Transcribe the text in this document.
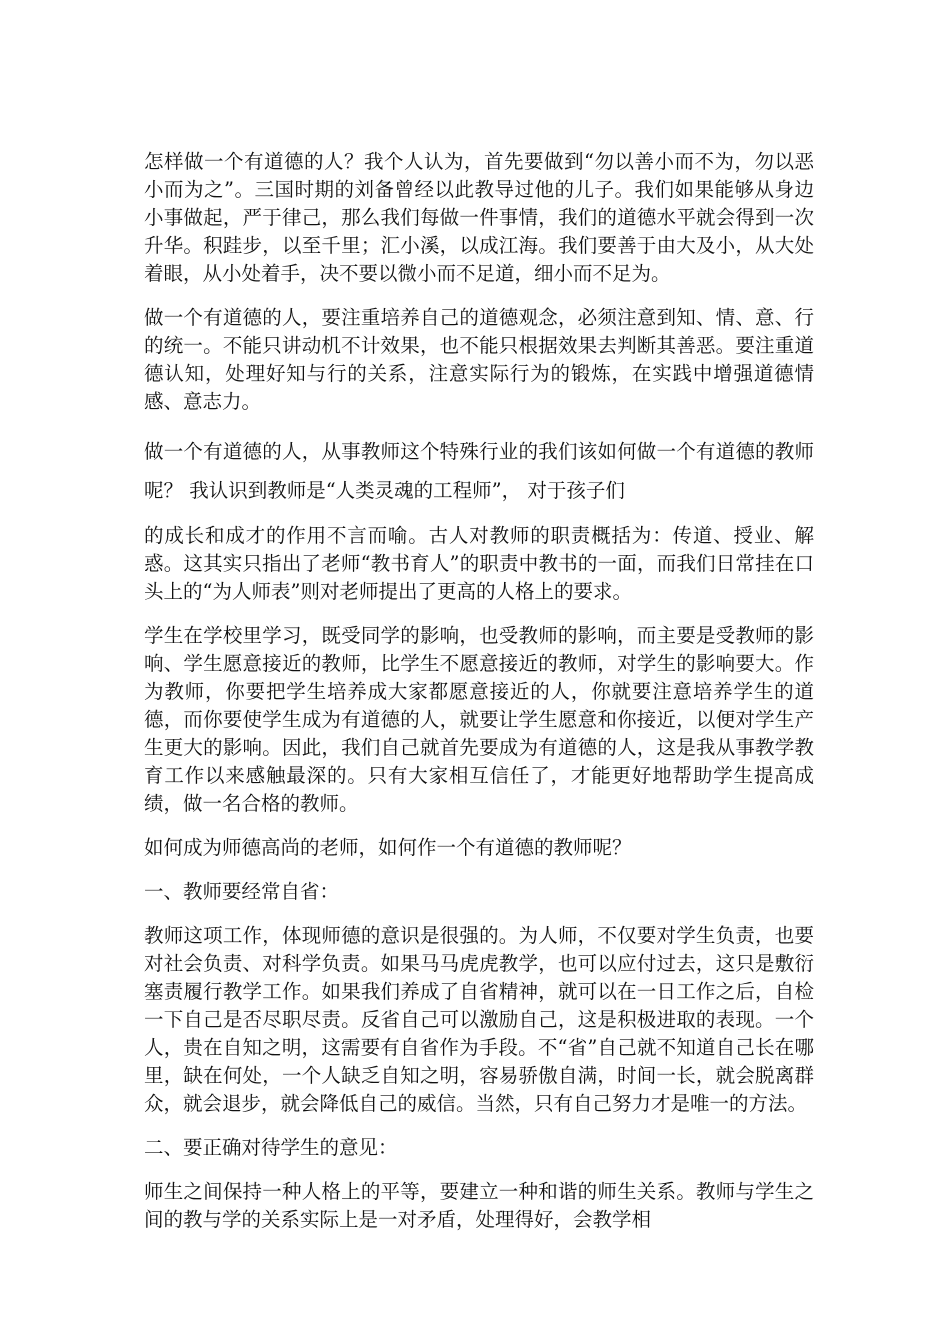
怎样做一个有道德的人？我个人认为，首先要做到“勿以善小而不为，勿以恶小而为之”。三国时期的刘备曾经以此教导过他的儿子。我们如果能够从身边小事做起，严于律己，那么我们每做一件事情，我们的道德水平就会得到一次升华。积跬步，以至千里；汇小溪，以成江海。我们要善于由大及小，从大处着眼，从小处着手，决不要以微小而不足道，细小而不足为。

做一个有道德的人，要注重培养自己的道德观念，必须注意到知、情、意、行的统一。不能只讲动机不计效果，也不能只根据效果去判断其善恶。要注重道德认知，处理好知与行的关系，注意实际行为的锻炼，在实践中增强道德情感、意志力。

做一个有道德的人，从事教师这个特殊行业的我们该如何做一个有道德的教师呢？ 我认识到教师是“人类灵魂的工程师”， 对于孩子们

的成长和成才的作用不言而喻。古人对教师的职责概括为：传道、授业、解惑。这其实只指出了老师“教书育人”的职责中教书的一面，而我们日常挂在口头上的“为人师表”则对老师提出了更高的人格上的要求。

学生在学校里学习，既受同学的影响，也受教师的影响，而主要是受教师的影响、学生愿意接近的教师，比学生不愿意接近的教师，对学生的影响要大。作为教师，你要把学生培养成大家都愿意接近的人，你就要注意培养学生的道德，而你要使学生成为有道德的人，就要让学生愿意和你接近，以便对学生产生更大的影响。因此，我们自己就首先要成为有道德的人，这是我从事教学教育工作以来感触最深的。只有大家相互信任了，才能更好地帮助学生提高成绩，做一名合格的教师。

如何成为师德高尚的老师，如何作一个有道德的教师呢？

一、教师要经常自省：

教师这项工作，体现师德的意识是很强的。为人师，不仅要对学生负责，也要对社会负责、对科学负责。如果马马虎虎教学，也可以应付过去，这只是敷衍塞责履行教学工作。如果我们养成了自省精神，就可以在一日工作之后，自检一下自己是否尽职尽责。反省自己可以激励自己，这是积极进取的表现。一个人，贵在自知之明，这需要有自省作为手段。不“省”自己就不知道自己长在哪里，缺在何处，一个人缺乏自知之明，容易骄傲自满，时间一长，就会脱离群众，就会退步，就会降低自己的威信。当然，只有自己努力才是唯一的方法。

二、要正确对待学生的意见：

师生之间保持一种人格上的平等，要建立一种和谐的师生关系。教师与学生之间的教与学的关系实际上是一对矛盾，处理得好，会教学相
